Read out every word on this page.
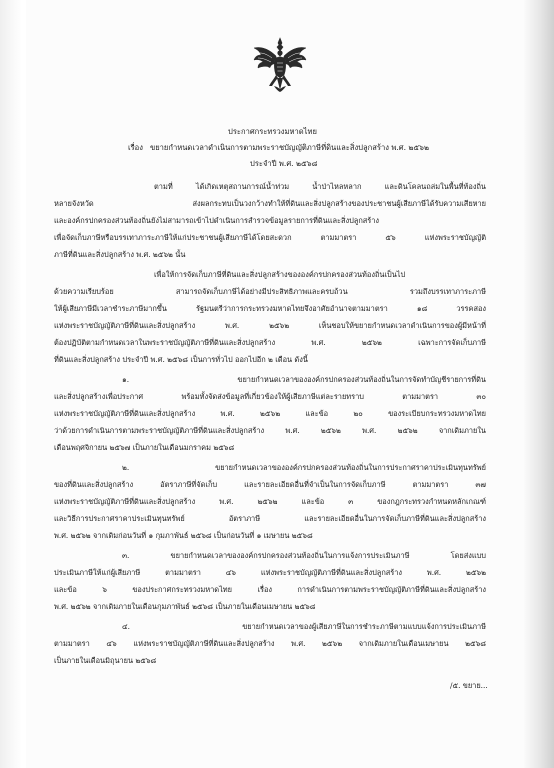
ประกาศกระทรวงมหาดไทย
เรื่อง ขยายกำหนดเวลาดำเนินการตามพระราชบัญญัติภาษีที่ดินและสิ่งปลูกสร้าง พ.ศ. ๒๕๖๒
ประจำปี พ.ศ. ๒๕๖๘
ตามที่ ได้เกิดเหตุสถานการณ์น้ำท่วม น้ำป่าไหลหลาก และดินโคลนถล่มในพื้นที่ท้องถิ่น
หลายจังหวัด ส่งผลกระทบเป็นวงกว้างทำให้ที่ดินและสิ่งปลูกสร้างของประชาชนผู้เสียภาษีได้รับความเสียหาย
และองค์กรปกครองส่วนท้องถิ่นยังไม่สามารถเข้าไปดำเนินการสำรวจข้อมูลรายการที่ดินและสิ่งปลูกสร้าง
เพื่อจัดเก็บภาษีหรือบรรเทาภาระภาษีให้แก่ประชาชนผู้เสียภาษีได้โดยสะดวก ตามมาตรา ๕๖ แห่งพระราชบัญญัติ
ภาษีที่ดินและสิ่งปลูกสร้าง พ.ศ. ๒๕๖๒ นั้น
เพื่อให้การจัดเก็บภาษีที่ดินและสิ่งปลูกสร้างขององค์กรปกครองส่วนท้องถิ่นเป็นไป
ด้วยความเรียบร้อย สามารถจัดเก็บภาษีได้อย่างมีประสิทธิภาพและครบถ้วน รวมถึงบรรเทาภาระภาษี
ให้ผู้เสียภาษีมีเวลาชำระภาษีมากขึ้น รัฐมนตรีว่าการกระทรวงมหาดไทยจึงอาศัยอำนาจตามมาตรา ๑๘ วรรคสอง
แห่งพระราชบัญญัติภาษีที่ดินและสิ่งปลูกสร้าง พ.ศ. ๒๕๖๒ เห็นชอบให้ขยายกำหนดเวลาดำเนินการของผู้มีหน้าที่
ต้องปฏิบัติตามกำหนดเวลาในพระราชบัญญัติภาษีที่ดินและสิ่งปลูกสร้าง พ.ศ. ๒๕๖๒ เฉพาะการจัดเก็บภาษี
ที่ดินและสิ่งปลูกสร้าง ประจำปี พ.ศ. ๒๕๖๘ เป็นการทั่วไป ออกไปอีก ๒ เดือน ดังนี้
๑. ขยายกำหนดเวลาขององค์กรปกครองส่วนท้องถิ่นในการจัดทำบัญชีรายการที่ดิน
และสิ่งปลูกสร้างเพื่อประกาศ พร้อมทั้งจัดส่งข้อมูลที่เกี่ยวข้องให้ผู้เสียภาษีแต่ละรายทราบ ตามมาตรา ๓๐
แห่งพระราชบัญญัติภาษีที่ดินและสิ่งปลูกสร้าง พ.ศ. ๒๕๖๒ และข้อ ๒๐ ของระเบียบกระทรวงมหาดไทย
ว่าด้วยการดำเนินการตามพระราชบัญญัติภาษีที่ดินและสิ่งปลูกสร้าง พ.ศ. ๒๕๖๒ พ.ศ. ๒๕๖๒ จากเดิมภายใน
เดือนพฤศจิกายน ๒๕๖๗ เป็นภายในเดือนมกราคม ๒๕๖๘
๒. ขยายกำหนดเวลาขององค์กรปกครองส่วนท้องถิ่นในการประกาศราคาประเมินทุนทรัพย์
ของที่ดินและสิ่งปลูกสร้าง อัตราภาษีที่จัดเก็บ และรายละเอียดอื่นที่จำเป็นในการจัดเก็บภาษี ตามมาตรา ๓๗
แห่งพระราชบัญญัติภาษีที่ดินและสิ่งปลูกสร้าง พ.ศ. ๒๕๖๒ และข้อ ๓ ของกฎกระทรวงกำหนดหลักเกณฑ์
และวิธีการประกาศราคาประเมินทุนทรัพย์ อัตราภาษี และรายละเอียดอื่นในการจัดเก็บภาษีที่ดินและสิ่งปลูกสร้าง
พ.ศ. ๒๕๖๒ จากเดิมก่อนวันที่ ๑ กุมภาพันธ์ ๒๕๖๘ เป็นก่อนวันที่ ๑ เมษายน ๒๕๖๘
๓. ขยายกำหนดเวลาขององค์กรปกครองส่วนท้องถิ่นในการแจ้งการประเมินภาษี โดยส่งแบบ
ประเมินภาษีให้แก่ผู้เสียภาษี ตามมาตรา ๔๖ แห่งพระราชบัญญัติภาษีที่ดินและสิ่งปลูกสร้าง พ.ศ. ๒๕๖๒
และข้อ ๖ ของประกาศกระทรวงมหาดไทย เรื่อง การดำเนินการตามพระราชบัญญัติภาษีที่ดินและสิ่งปลูกสร้าง
พ.ศ. ๒๕๖๒ จากเดิมภายในเดือนกุมภาพันธ์ ๒๕๖๘ เป็นภายในเดือนเมษายน ๒๕๖๘
๔. ขยายกำหนดเวลาของผู้เสียภาษีในการชำระภาษีตามแบบแจ้งการประเมินภาษี
ตามมาตรา ๔๖ แห่งพระราชบัญญัติภาษีที่ดินและสิ่งปลูกสร้าง พ.ศ. ๒๕๖๒ จากเดิมภายในเดือนเมษายน ๒๕๖๘
เป็นภายในเดือนมิถุนายน ๒๕๖๘
/๕. ขยาย...
